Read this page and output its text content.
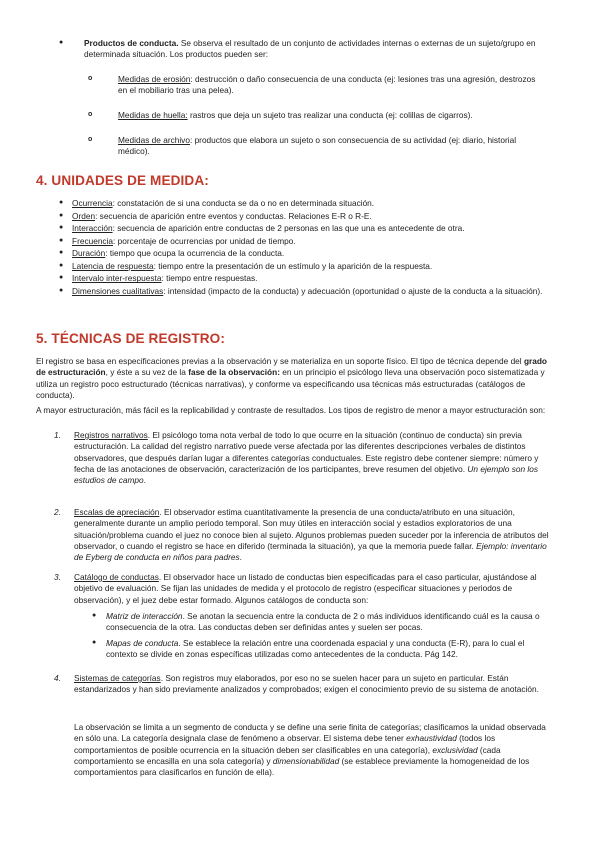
●	Productos de conducta. Se observa el resultado de un conjunto de actividades internas o externas de un sujeto/grupo en determinada situación. Los productos pueden ser:

o	Medidas de erosión: destrucción o daño consecuencia de una conducta (ej: lesiones tras una agresión, destrozos en el mobiliario tras una pelea).

o	Medidas de huella: rastros que deja un sujeto tras realizar una conducta (ej: colillas de cigarros).

o	Medidas de archivo: productos que elabora un sujeto o son consecuencia de su actividad (ej: diario, historial médico).

4. UNIDADES DE MEDIDA:
●	Ocurrencia: constatación de si una conducta se da o no en determinada situación.

●	Orden: secuencia de aparición entre eventos y conductas. Relaciones E-R o R-E.

●	Interacción: secuencia de aparición entre conductas de 2 personas en las que una es antecedente de otra.

●	Frecuencia: porcentaje de ocurrencias por unidad de tiempo.

●	Duración: tiempo que ocupa la ocurrencia de la conducta.

●	Latencia de respuesta: tiempo entre la presentación de un estímulo y la aparición de la respuesta.

●	Intervalo inter-respuesta: tiempo entre respuestas.

●	Dimensiones cualitativas: intensidad (impacto de la conducta) y adecuación (oportunidad o ajuste de la conducta a la situación).

5. TÉCNICAS DE REGISTRO:

El registro se basa en especificaciones previas a la observación y se materializa en un soporte físico. El tipo de técnica depende del grado de estructuración, y éste a su vez de la fase de la observación: en un principio el psicólogo lleva una observación poco sistematizada y utiliza un registro poco estructurado (técnicas narrativas), y conforme va especificando usa técnicas más estructuradas (catálogos de conducta).

A mayor estructuración, más fácil es la replicabilidad y contraste de resultados. Los tipos de registro de menor a mayor estructuración son:

1.	Registros narrativos. El psicólogo toma nota verbal de todo lo que ocurre en la situación (continuo de conducta) sin previa estructuración. La calidad del registro narrativo puede verse afectada por las diferentes descripciones verbales de distintos observadores, que después darían lugar a diferentes categorías conductuales. Este registro debe contener siempre: número y fecha de las anotaciones de observación, caracterización de los participantes, breve resumen del objetivo. Un ejemplo son los estudios de campo.

2.	Escalas de apreciación. El observador estima cuantitativamente la presencia de una conducta/atributo en una situación, generalmente durante un amplio periodo temporal. Son muy útiles en interacción social y estadios exploratorios de una situación/problema cuando el juez no conoce bien al sujeto. Algunos problemas pueden suceder por la inferencia de atributos del observador, o cuando el registro se hace en diferido (terminada la situación), ya que la memoria puede fallar. Ejemplo: inventario de Eyberg de conducta en niños para padres.

3.	Catálogo de conductas. El observador hace un listado de conductas bien especificadas para el caso particular, ajustándose al objetivo de evaluación. Se fijan las unidades de medida y el protocolo de registro (especificar situaciones y periodos de observación), y el juez debe estar formado. Algunos catálogos de conducta son:

●	Matriz de interacción. Se anotan la secuencia entre la conducta de 2 o más individuos identificando cuál es la causa o consecuencia de la otra. Las conductas deben ser definidas antes y suelen ser pocas.

●	Mapas de conducta. Se establece la relación entre una coordenada espacial y una conducta (E-R), para lo cual el contexto se divide en zonas específicas utilizadas como antecedentes de la conducta. Pág 142.

4.	Sistemas de categorías. Son registros muy elaborados, por eso no se suelen hacer para un sujeto en particular. Están estandarizados y han sido previamente analizados y comprobados; exigen el conocimiento previo de su sistema de anotación.

La observación se limita a un segmento de conducta y se define una serie finita de categorías; clasificamos la unidad observada en sólo una. La categoría designala clase de fenómeno a observar. El sistema debe tener exhaustividad (todos los comportamientos de posible ocurrencia en la situación deben ser clasificables en una categoría), exclusividad (cada comportamiento se encasilla en una sola categoría) y dimensionabilidad (se establece previamente la homogeneidad de los comportamientos para clasificarlos en función de ella).
